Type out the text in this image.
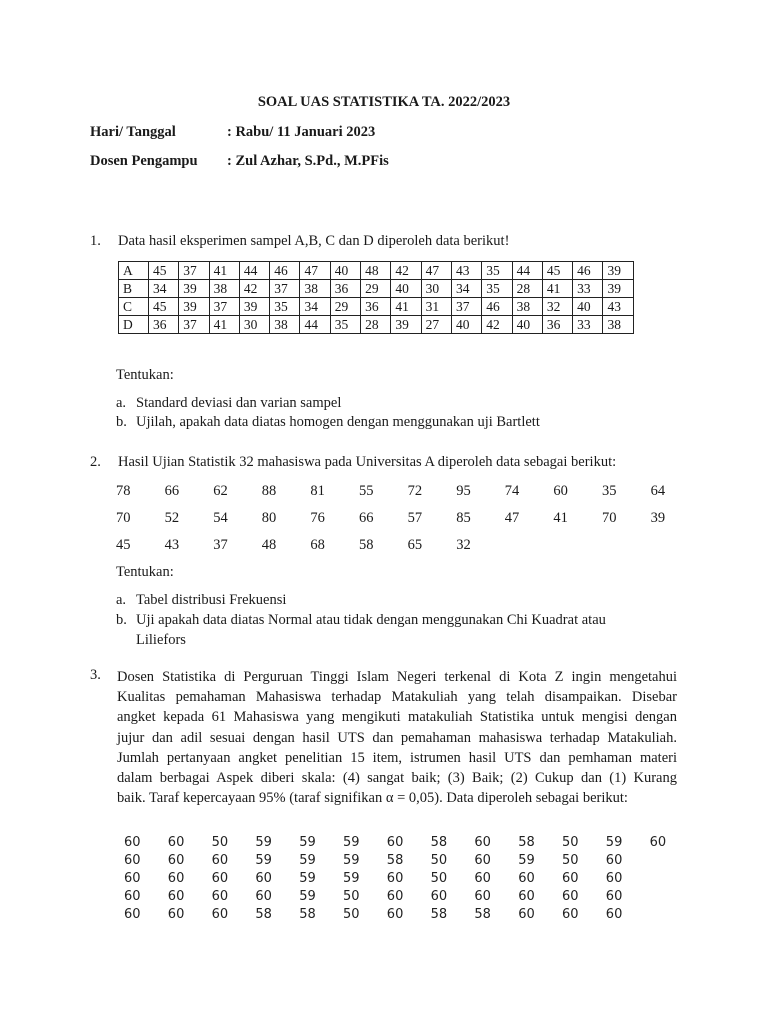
SOAL UAS STATISTIKA TA. 2022/2023
Hari/ Tanggal	: Rabu/ 11 Januari 2023
Dosen Pengampu : Zul Azhar, S.Pd., M.PFis
1. Data hasil eksperimen sampel A,B, C dan D diperoleh data berikut!
A	45	37	41	44	46	47	40	48	42	47	43	35	44	45	46	39
B	34	39	38	42	37	38	36	29	40	30	34	35	28	41	33	39
C	45	39	37	39	35	34	29	36	41	31	37	46	38	32	40	43
D	36	37	41	30	38	44	35	28	39	27	40	42	40	36	33	38
Tentukan:
a. Standard deviasi dan varian sampel
b. Ujilah, apakah data diatas homogen dengan menggunakan uji Bartlett
2. Hasil Ujian Statistik 32 mahasiswa pada Universitas A diperoleh data sebagai berikut:
78 66 62 88 81 55 72 95 74 60 35 64
70 52 54 80 76 66 57 85 47 41 70 39
45 43 37 48 68 58 65 32
Tentukan:
a. Tabel distribusi Frekuensi
b. Uji apakah data diatas Normal atau tidak dengan menggunakan Chi Kuadrat atau
Liliefors
3. Dosen Statistika di Perguruan Tinggi Islam Negeri terkenal di Kota Z ingin mengetahui
Kualitas pemahaman Mahasiswa terhadap Matakuliah yang telah disampaikan. Disebar
angket kepada 61 Mahasiswa yang mengikuti matakuliah Statistika untuk mengisi dengan
jujur dan adil sesuai dengan hasil UTS dan pemahaman mahasiswa terhadap Matakuliah.
Jumlah pertanyaan angket penelitian 15 item, istrumen hasil UTS dan pemhaman materi
dalam berbagai Aspek diberi skala: (4) sangat baik; (3) Baik; (2) Cukup dan (1) Kurang
baik. Taraf kepercayaan 95% (taraf signifikan α = 0,05). Data diperoleh sebagai berikut:
60 60 50 59 59 59 60 58 60 58 50 59 60
60 60 60 59 59 59 58 50 60 59 50 60
60 60 60 60 59 59 60 50 60 60 60 60
60 60 60 60 59 50 60 60 60 60 60 60
60 60 60 58 58 50 60 58 58 60 60 60
